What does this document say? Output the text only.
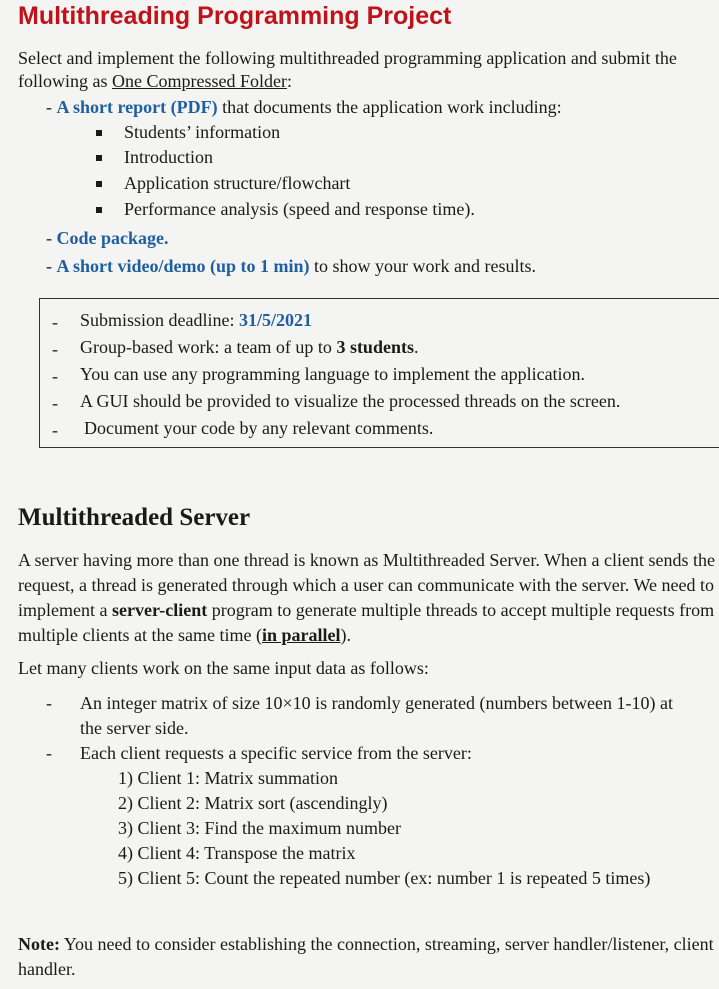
Multithreading Programming Project
Select and implement the following multithreaded programming application and submit the
following as One Compressed Folder:
- A short report (PDF) that documents the application work including:
Students’ information
Introduction
Application structure/flowchart
Performance analysis (speed and response time).
- Code package.
- A short video/demo (up to 1 min) to show your work and results.
- Submission deadline: 31/5/2021
- Group-based work: a team of up to 3 students.
- You can use any programming language to implement the application.
- A GUI should be provided to visualize the processed threads on the screen.
- Document your code by any relevant comments.
Multithreaded Server
A server having more than one thread is known as Multithreaded Server. When a client sends the
request, a thread is generated through which a user can communicate with the server. We need to
implement a server-client program to generate multiple threads to accept multiple requests from
multiple clients at the same time (in parallel).
Let many clients work on the same input data as follows:
- An integer matrix of size 10×10 is randomly generated (numbers between 1-10) at
the server side.
- Each client requests a specific service from the server:
1) Client 1: Matrix summation
2) Client 2: Matrix sort (ascendingly)
3) Client 3: Find the maximum number
4) Client 4: Transpose the matrix
5) Client 5: Count the repeated number (ex: number 1 is repeated 5 times)
Note: You need to consider establishing the connection, streaming, server handler/listener, client
handler.
